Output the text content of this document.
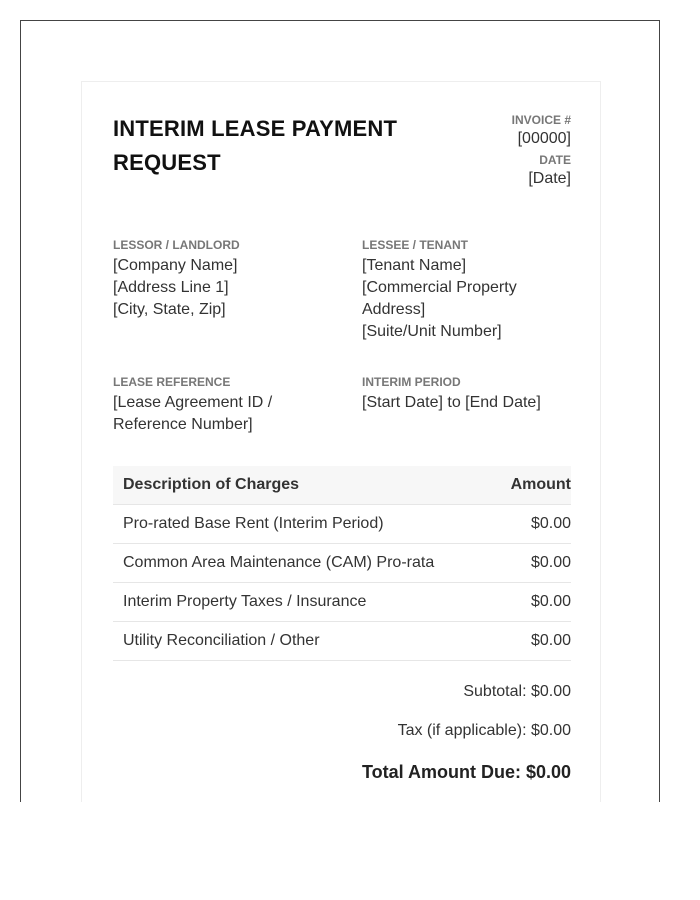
INTERIM LEASE PAYMENT REQUEST
INVOICE #
[00000]
DATE
[Date]
LESSOR / LANDLORD
[Company Name]
[Address Line 1]
[City, State, Zip]
LESSEE / TENANT
[Tenant Name]
[Commercial Property Address]
[Suite/Unit Number]
LEASE REFERENCE
[Lease Agreement ID / Reference Number]
INTERIM PERIOD
[Start Date] to [End Date]
Description of Charges	Amount
Pro-rated Base Rent (Interim Period)	$0.00
Common Area Maintenance (CAM) Pro-rata	$0.00
Interim Property Taxes / Insurance	$0.00
Utility Reconciliation / Other	$0.00
Subtotal: $0.00
Tax (if applicable): $0.00
Total Amount Due: $0.00
